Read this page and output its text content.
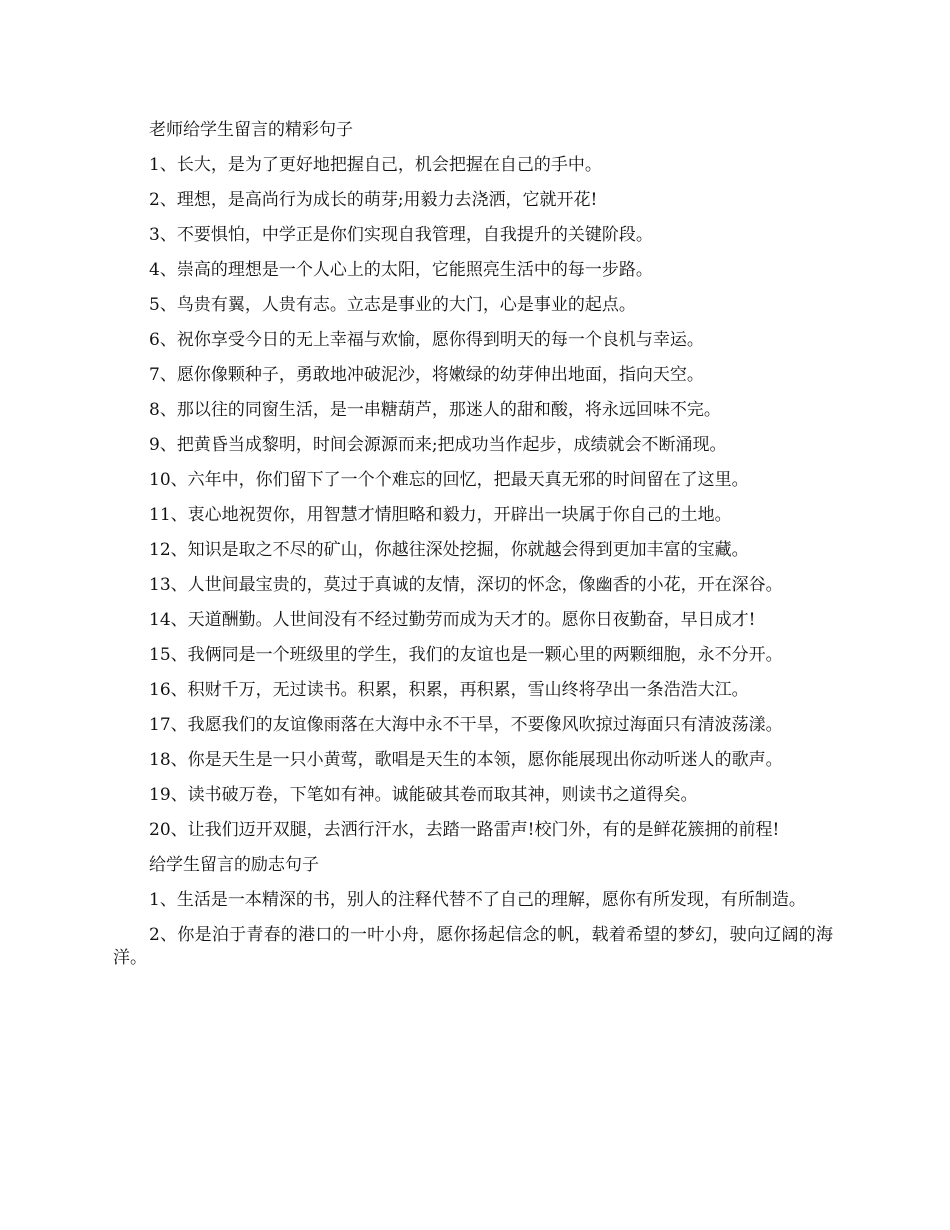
老师给学生留言的精彩句子

1、长大，是为了更好地把握自己，机会把握在自己的手中。

2、理想，是高尚行为成长的萌芽;用毅力去浇洒，它就开花!

3、不要惧怕，中学正是你们实现自我管理，自我提升的关键阶段。

4、崇高的理想是一个人心上的太阳，它能照亮生活中的每一步路。

5、鸟贵有翼，人贵有志。立志是事业的大门，心是事业的起点。

6、祝你享受今日的无上幸福与欢愉，愿你得到明天的每一个良机与幸运。

7、愿你像颗种子，勇敢地冲破泥沙，将嫩绿的幼芽伸出地面，指向天空。

8、那以往的同窗生活，是一串糖葫芦，那迷人的甜和酸，将永远回味不完。

9、把黄昏当成黎明，时间会源源而来;把成功当作起步，成绩就会不断涌现。

10、六年中，你们留下了一个个难忘的回忆，把最天真无邪的时间留在了这里。

11、衷心地祝贺你，用智慧才情胆略和毅力，开辟出一块属于你自己的土地。

12、知识是取之不尽的矿山，你越往深处挖掘，你就越会得到更加丰富的宝藏。

13、人世间最宝贵的，莫过于真诚的友情，深切的怀念，像幽香的小花，开在深谷。

14、天道酬勤。人世间没有不经过勤劳而成为天才的。愿你日夜勤奋，早日成才!

15、我俩同是一个班级里的学生，我们的友谊也是一颗心里的两颗细胞，永不分开。

16、积财千万，无过读书。积累，积累，再积累，雪山终将孕出一条浩浩大江。

17、我愿我们的友谊像雨落在大海中永不干旱，不要像风吹掠过海面只有清波荡漾。

18、你是天生是一只小黄莺，歌唱是天生的本领，愿你能展现出你动听迷人的歌声。

19、读书破万卷，下笔如有神。诚能破其卷而取其神，则读书之道得矣。

20、让我们迈开双腿，去洒行汗水，去踏一路雷声!校门外，有的是鲜花簇拥的前程!

给学生留言的励志句子

1、生活是一本精深的书，别人的注释代替不了自己的理解，愿你有所发现，有所制造。

2、你是泊于青春的港口的一叶小舟，愿你扬起信念的帆，载着希望的梦幻，驶向辽阔的海洋。
